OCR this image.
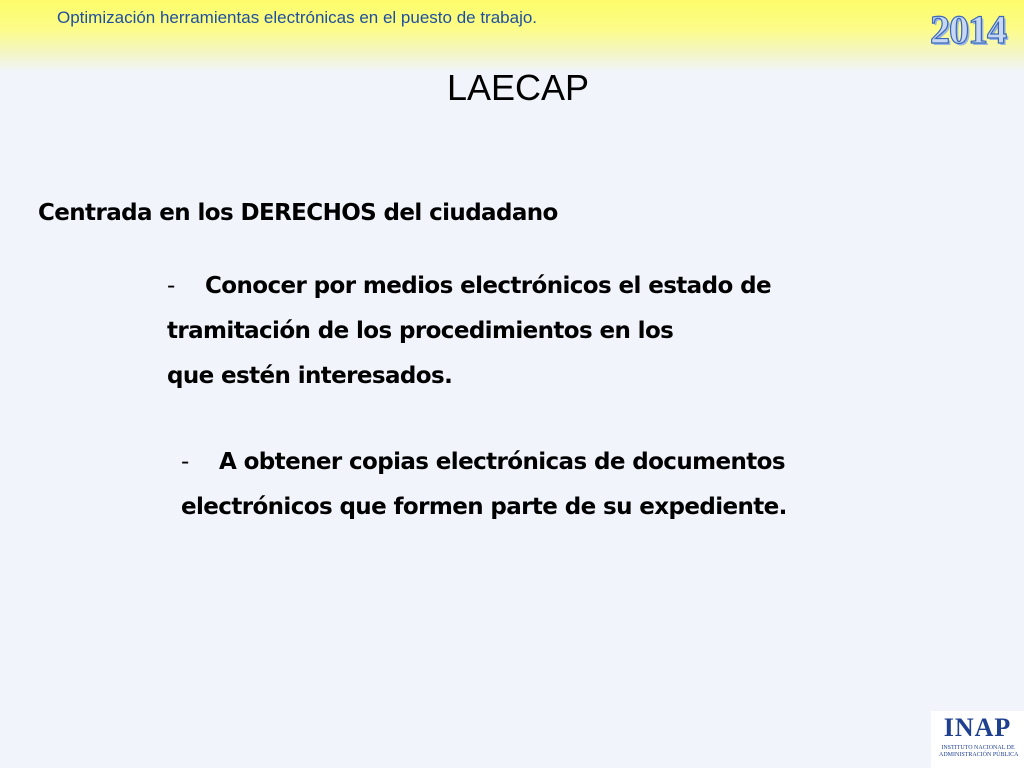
Optimización herramientas electrónicas en el puesto de trabajo.	2014
LAECAP
Centrada en los DERECHOS del ciudadano
- Conocer por medios electrónicos el estado de
tramitación de los procedimientos en los
que estén interesados.
- A obtener copias electrónicas de documentos
electrónicos que formen parte de su expediente.
INAP
INSTITUTO NACIONAL DE
ADMINISTRACIÓN PÚBLICA
